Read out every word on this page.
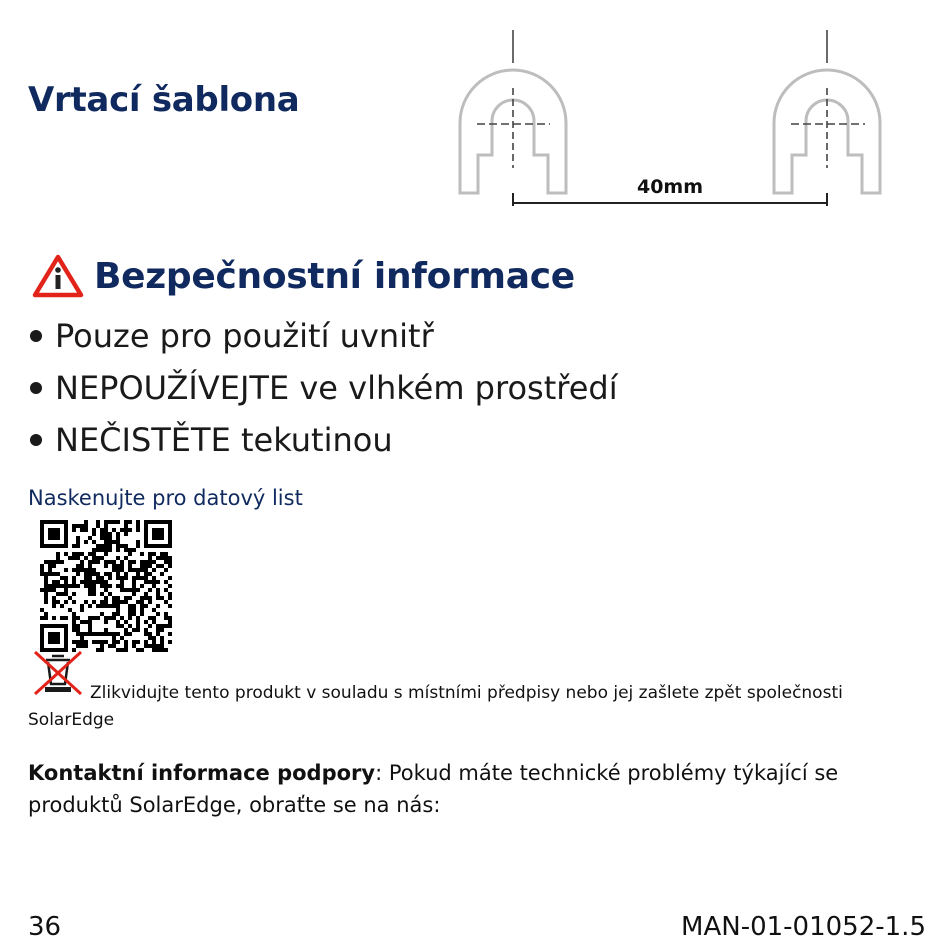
Vrtací šablona
40mm
Bezpečnostní informace
Pouze pro použití uvnitř
NEPOUŽÍVEJTE ve vlhkém prostředí
NEČISTĚTE tekutinou
Naskenujte pro datový list
Zlikvidujte tento produkt v souladu s místními předpisy nebo jej zašlete zpět společnosti SolarEdge
Kontaktní informace podpory: Pokud máte technické problémy týkající se produktů SolarEdge, obraťte se na nás:
36	MAN-01-01052-1.5
